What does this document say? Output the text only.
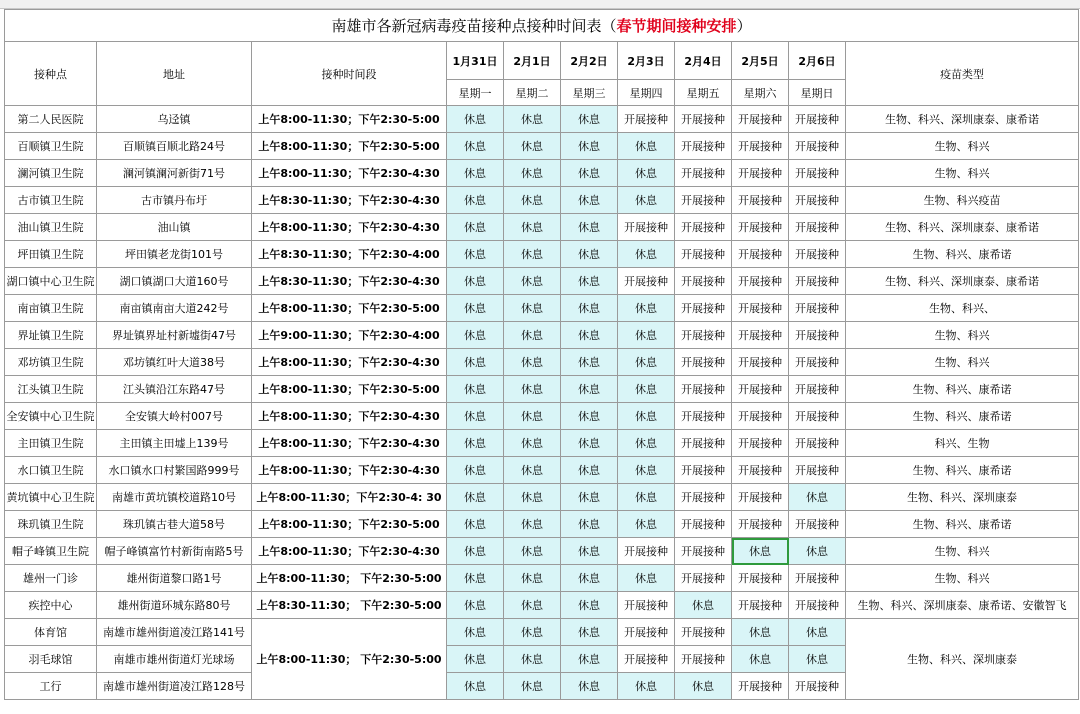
南雄市各新冠病毒疫苗接种点接种时间表（春节期间接种安排）										
接种点	地址	接种时间段	1月31日	2月1日	2月2日	2月3日	2月4日	2月5日	2月6日	疫苗类型
			星期一	星期二	星期三	星期四	星期五	星期六	星期日	
第二人民医院	乌迳镇	上午8:00-11:30；下午2:30-5:00	休息	休息	休息	开展接种	开展接种	开展接种	开展接种	生物、科兴、深圳康泰、康希诺
百顺镇卫生院	百顺镇百顺北路24号	上午8:00-11:30；下午2:30-5:00	休息	休息	休息	休息	开展接种	开展接种	开展接种	生物、科兴
澜河镇卫生院	澜河镇澜河新街71号	上午8:00-11:30；下午2:30-4:30	休息	休息	休息	休息	开展接种	开展接种	开展接种	生物、科兴
古市镇卫生院	古市镇丹布圩	上午8:30-11:30；下午2:30-4:30	休息	休息	休息	休息	开展接种	开展接种	开展接种	生物、科兴疫苗
油山镇卫生院	油山镇	上午8:00-11:30；下午2:30-4:30	休息	休息	休息	开展接种	开展接种	开展接种	开展接种	生物、科兴、深圳康泰、康希诺
坪田镇卫生院	坪田镇老龙街101号	上午8:30-11:30；下午2:30-4:00	休息	休息	休息	休息	开展接种	开展接种	开展接种	生物、科兴、康希诺
湖口镇中心卫生院	湖口镇湖口大道160号	上午8:30-11:30；下午2:30-4:30	休息	休息	休息	开展接种	开展接种	开展接种	开展接种	生物、科兴、深圳康泰、康希诺
南亩镇卫生院	南亩镇南亩大道242号	上午8:00-11:30；下午2:30-5:00	休息	休息	休息	休息	开展接种	开展接种	开展接种	生物、科兴、
界址镇卫生院	界址镇界址村新墟街47号	上午9:00-11:30；下午2:30-4:00	休息	休息	休息	休息	开展接种	开展接种	开展接种	生物、科兴
邓坊镇卫生院	邓坊镇红叶大道38号	上午8:00-11:30；下午2:30-4:30	休息	休息	休息	休息	开展接种	开展接种	开展接种	生物、科兴
江头镇卫生院	江头镇沿江东路47号	上午8:00-11:30；下午2:30-5:00	休息	休息	休息	休息	开展接种	开展接种	开展接种	生物、科兴、康希诺
全安镇中心卫生院	全安镇大岭村007号	上午8:00-11:30；下午2:30-4:30	休息	休息	休息	休息	开展接种	开展接种	开展接种	生物、科兴、康希诺
主田镇卫生院	主田镇主田墟上139号	上午8:00-11:30；下午2:30-4:30	休息	休息	休息	休息	开展接种	开展接种	开展接种	科兴、生物
水口镇卫生院	水口镇水口村繁国路999号	上午8:00-11:30；下午2:30-4:30	休息	休息	休息	休息	开展接种	开展接种	开展接种	生物、科兴、康希诺
黄坑镇中心卫生院	南雄市黄坑镇校道路10号	上午8:00-11:30；下午2:30-4: 30	休息	休息	休息	休息	开展接种	开展接种	休息	生物、科兴、深圳康泰
珠玑镇卫生院	珠玑镇古巷大道58号	上午8:00-11:30；下午2:30-5:00	休息	休息	休息	休息	开展接种	开展接种	开展接种	生物、科兴、康希诺
帽子峰镇卫生院	帽子峰镇富竹村新街南路5号	上午8:00-11:30；下午2:30-4:30	休息	休息	休息	开展接种	开展接种	休息	休息	生物、科兴
雄州一门诊	雄州街道黎口路1号	上午8:00-11:30； 下午2:30-5:00	休息	休息	休息	休息	开展接种	开展接种	开展接种	生物、科兴
疾控中心	雄州街道环城东路80号	上午8:30-11:30； 下午2:30-5:00	休息	休息	休息	开展接种	休息	开展接种	开展接种	生物、科兴、深圳康泰、康希诺、安徽智飞
体育馆	南雄市雄州街道凌江路141号	上午8:00-11:30； 下午2:30-5:00	休息	休息	休息	开展接种	开展接种	休息	休息	生物、科兴、深圳康泰
羽毛球馆	南雄市雄州街道灯光球场		休息	休息	休息	开展接种	开展接种	休息	休息	
工行	南雄市雄州街道凌江路128号		休息	休息	休息	休息	休息	开展接种	开展接种	
